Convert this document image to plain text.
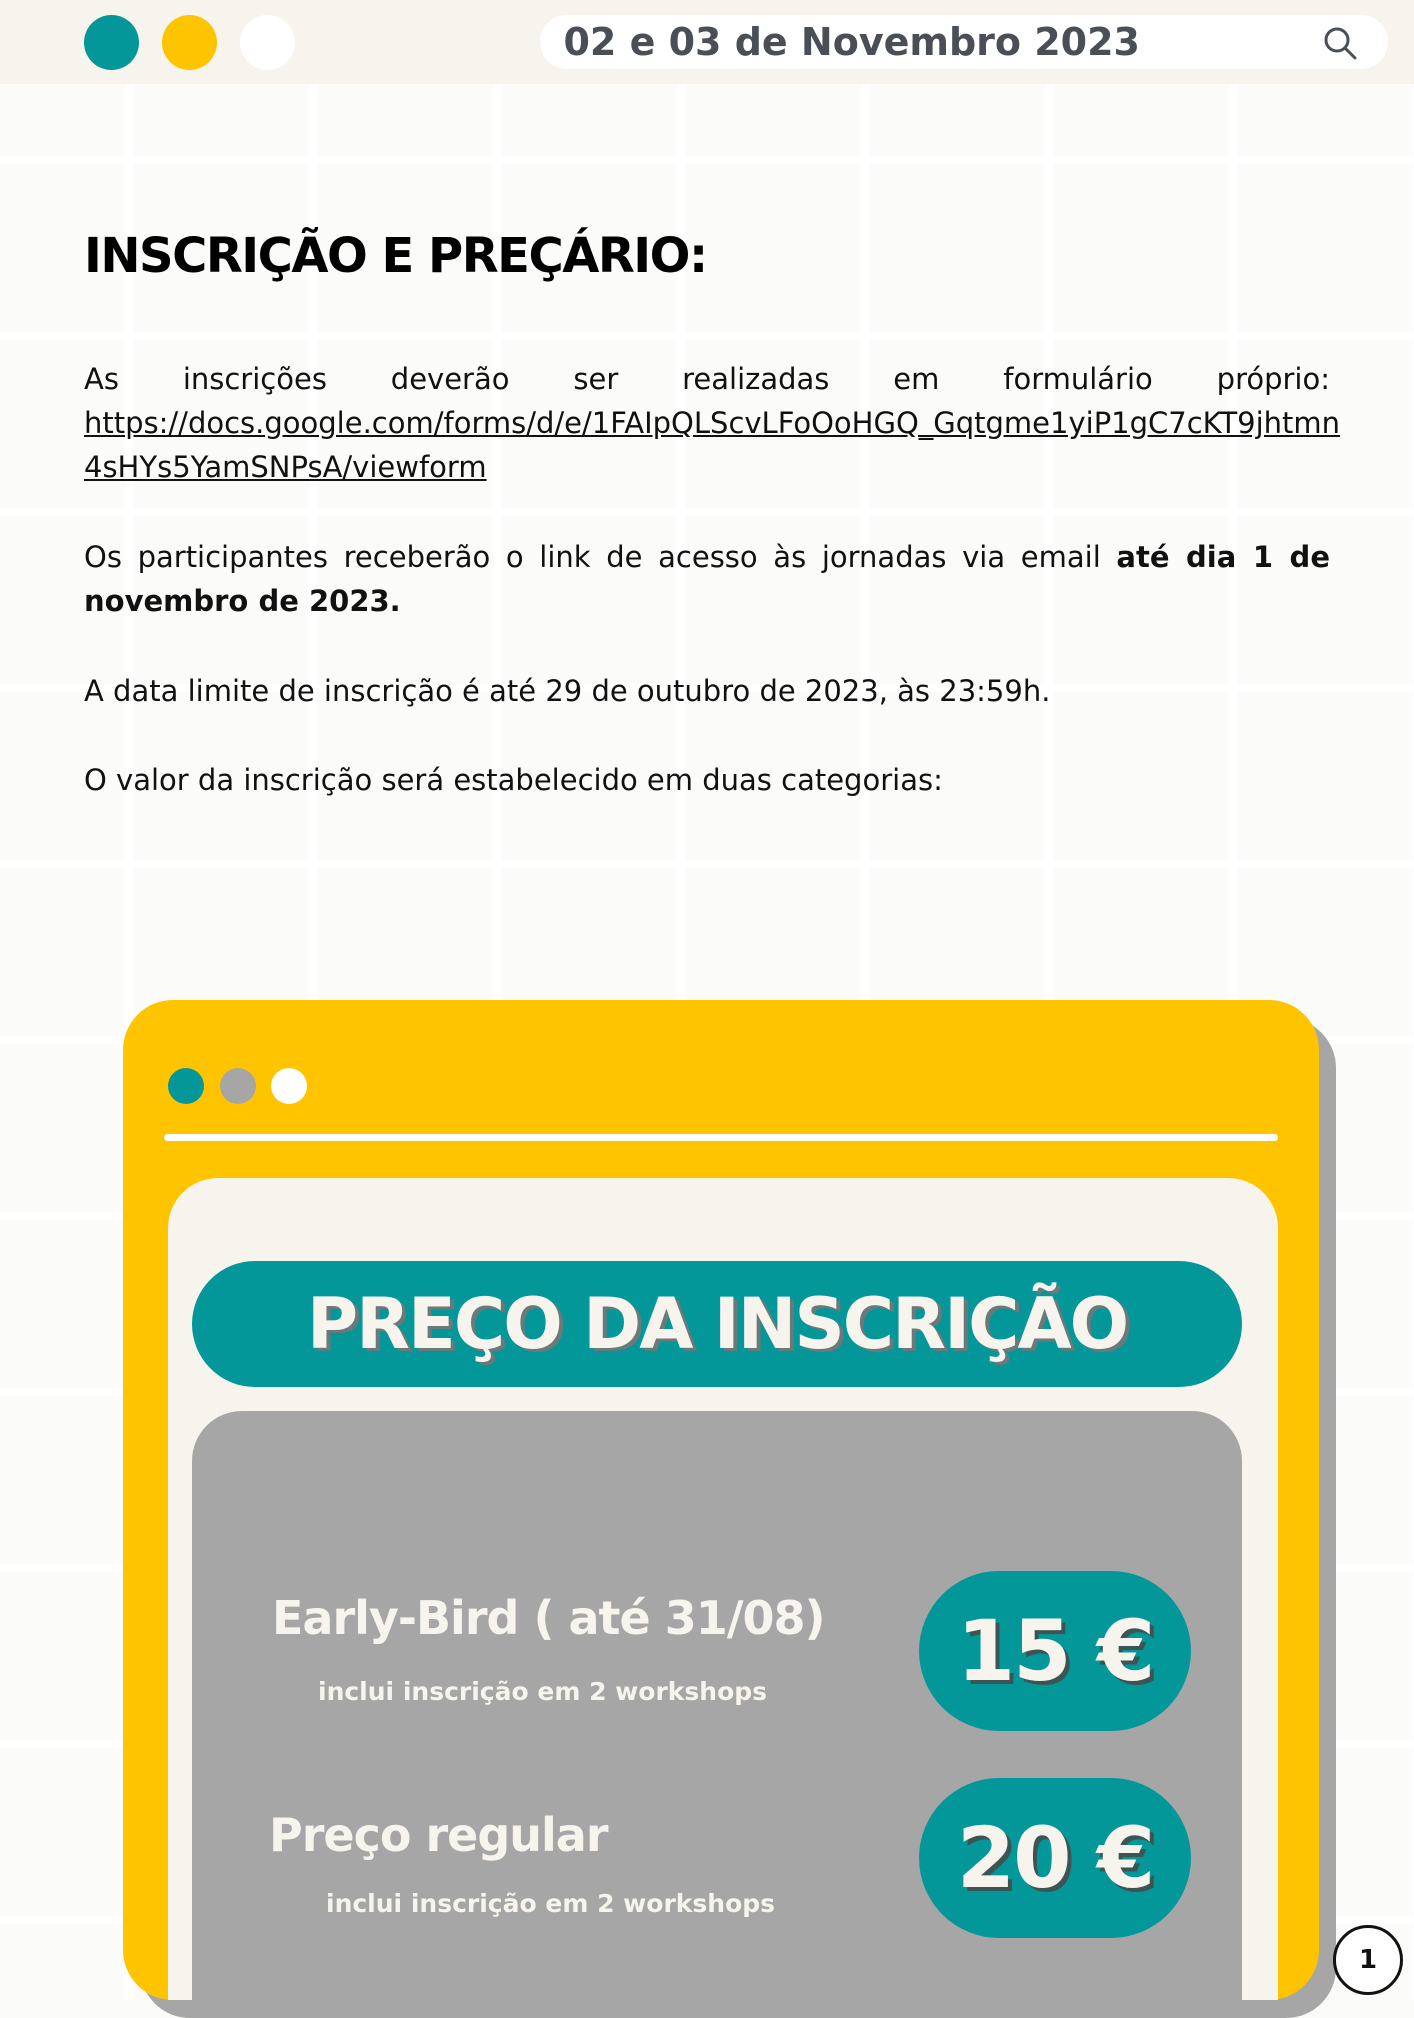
02 e 03 de Novembro 2023
INSCRIÇÃO E PREÇÁRIO:

As inscrições deverão ser realizadas em formulário próprio:

https://docs.google.com/forms/d/e/1FAIpQLScvLFoOoHGQ_Gqtgme1yiP1gC7cKT9jhtmn4sHYs5YamSNPsA/viewform

Os participantes receberão o link de acesso às jornadas via email até dia 1 de novembro de 2023.

A data limite de inscrição é até 29 de outubro de 2023, às 23:59h.

O valor da inscrição será estabelecido em duas categorias:

PREÇO DA INSCRIÇÃO
Early-Bird ( até 31/08)
inclui inscrição em 2 workshops	15 €
Preço regular
inclui inscrição em 2 workshops	20 €
1
